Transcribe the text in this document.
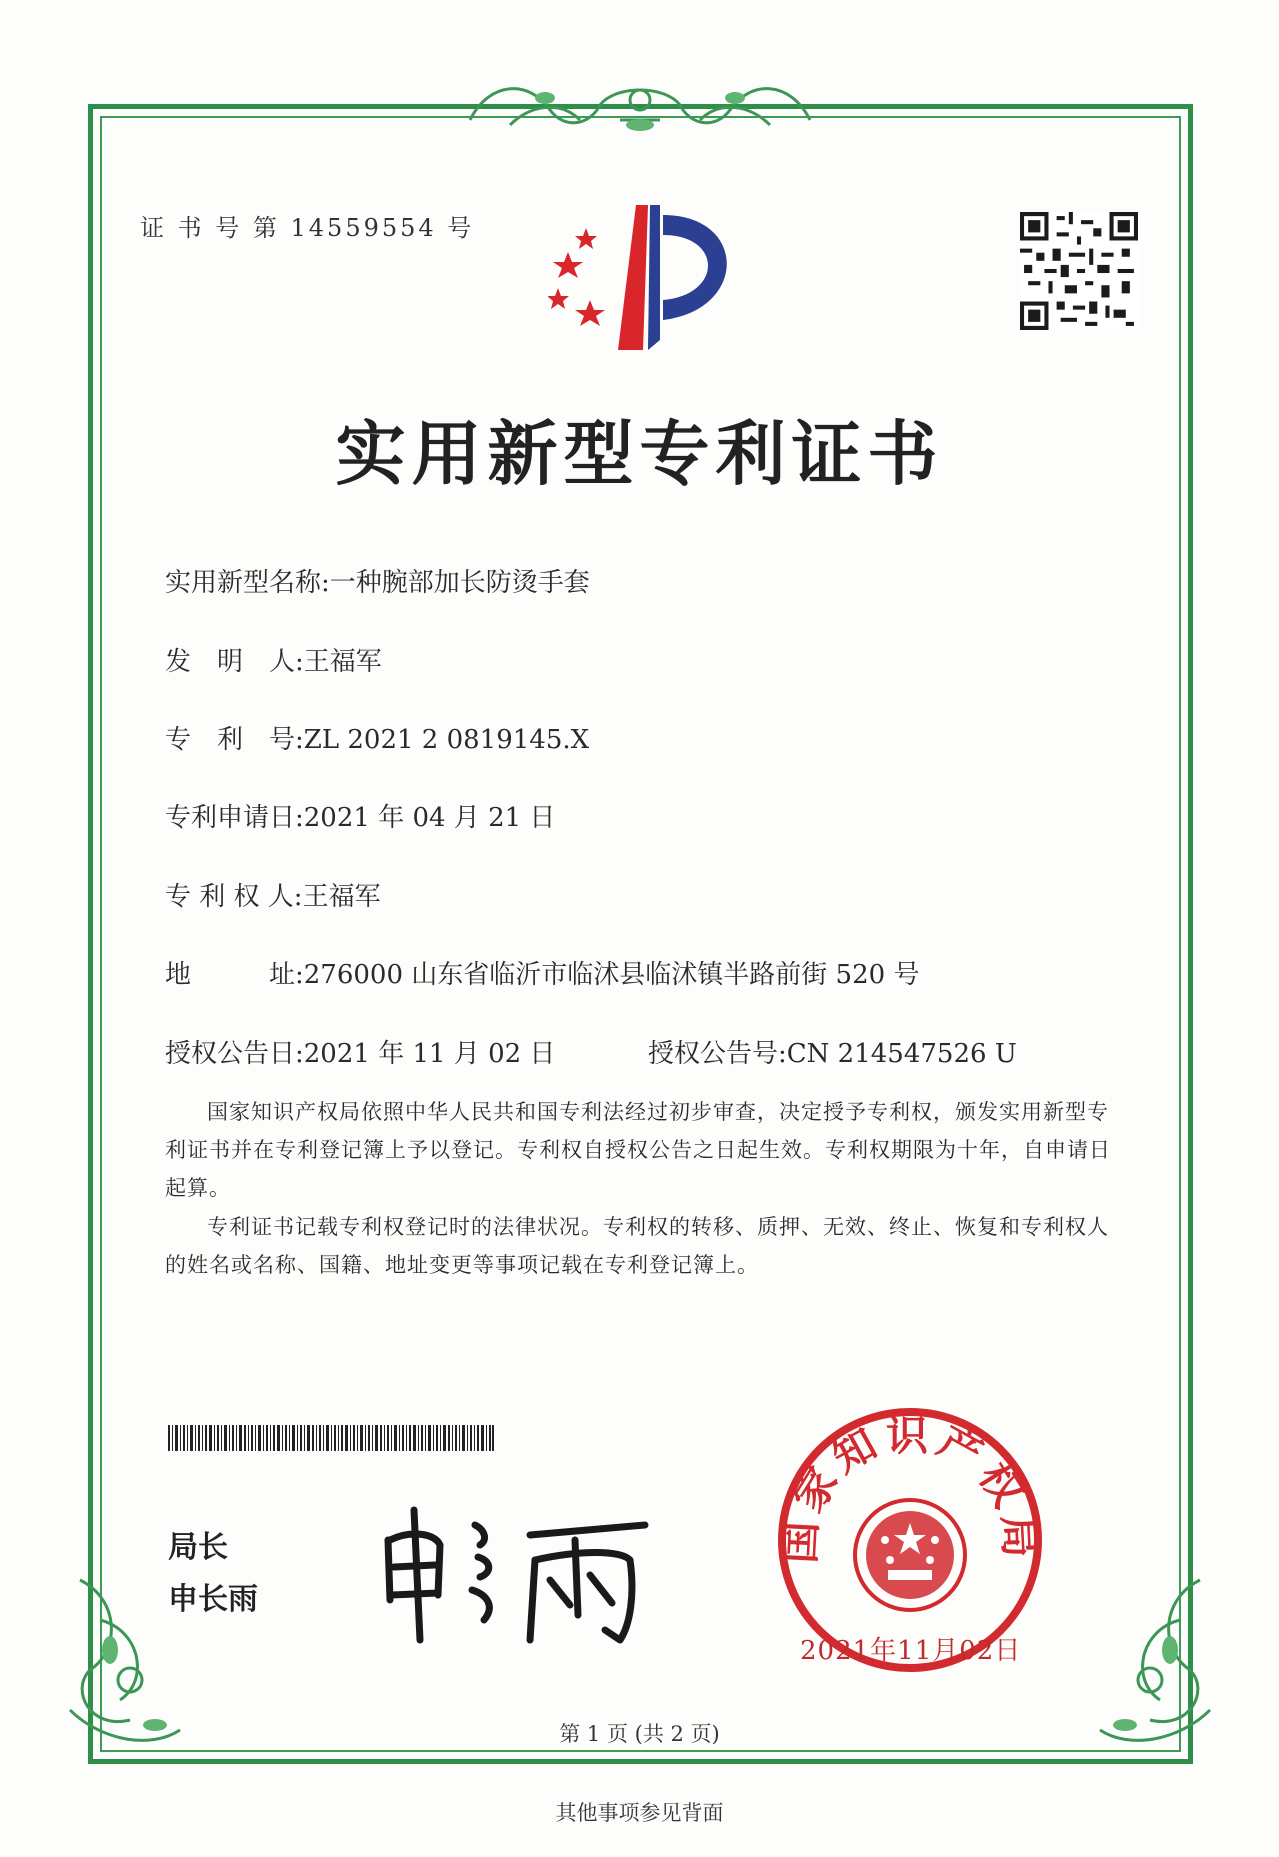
证 书 号 第 14559554 号
实用新型专利证书
实用新型名称:一种腕部加长防烫手套
发　明　人:王福军
专　利　号:ZL 2021 2 0819145.X
专利申请日:2021 年 04 月 21 日
专 利 权 人:王福军
地　　　址:276000 山东省临沂市临沭县临沭镇半路前街 520 号
授权公告日:2021 年 11 月 02 日	授权公告号:CN 214547526 U
国家知识产权局依照中华人民共和国专利法经过初步审查，决定授予专利权，颁发实用新型专利证书并在专利登记簿上予以登记。专利权自授权公告之日起生效。专利权期限为十年，自申请日起算。
专利证书记载专利权登记时的法律状况。专利权的转移、质押、无效、终止、恢复和专利权人的姓名或名称、国籍、地址变更等事项记载在专利登记簿上。
局长
申长雨
国家知识产权局
2021年11月02日
第 1 页 (共 2 页)
其他事项参见背面
